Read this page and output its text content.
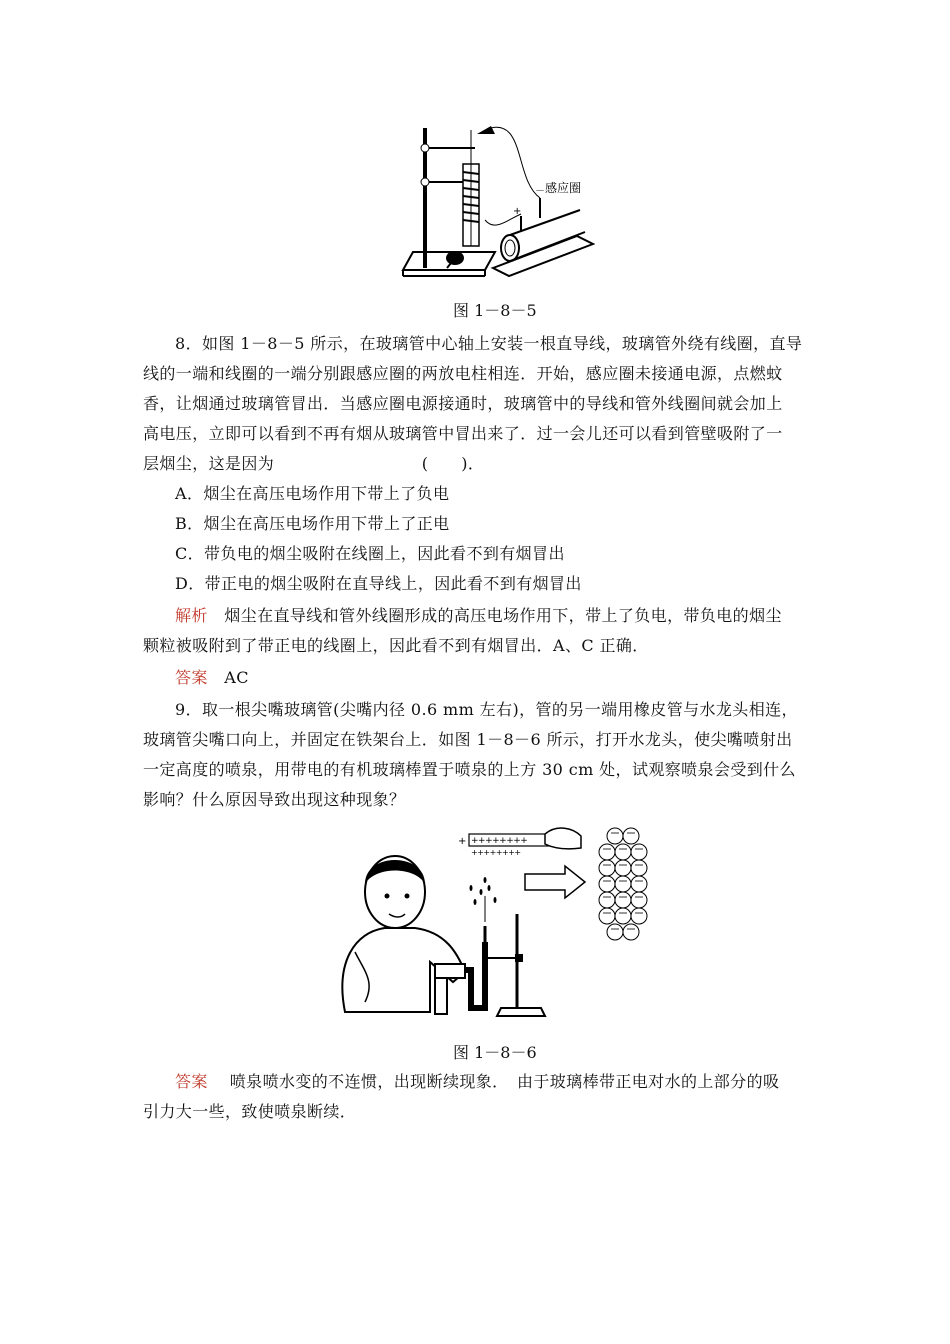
+
－ 感应圈
图 1－8－5
8．如图 1－8－5 所示，在玻璃管中心轴上安装一根直导线，玻璃管外绕有线圈，直导
线的一端和线圈的一端分别跟感应圈的两放电柱相连．开始，感应圈未接通电源，点燃蚊
香，让烟通过玻璃管冒出．当感应圈电源接通时，玻璃管中的导线和管外线圈间就会加上
高电压，立即可以看到不再有烟从玻璃管中冒出来了．过一会儿还可以看到管壁吸附了一
层烟尘，这是因为　　　　　　　　　(　　)．
A．烟尘在高压电场作用下带上了负电
B．烟尘在高压电场作用下带上了正电
C．带负电的烟尘吸附在线圈上，因此看不到有烟冒出
D．带正电的烟尘吸附在直导线上，因此看不到有烟冒出
解析 烟尘在直导线和管外线圈形成的高压电场作用下，带上了负电，带负电的烟尘
颗粒被吸附到了带正电的线圈上，因此看不到有烟冒出．A、C 正确．
答案 AC
9．取一根尖嘴玻璃管(尖嘴内径 0.6 mm 左右)，管的另一端用橡皮管与水龙头相连，
玻璃管尖嘴口向上，并固定在铁架台上．如图 1－8－6 所示，打开水龙头，使尖嘴喷射出
一定高度的喷泉，用带电的有机玻璃棒置于喷泉的上方 30 cm 处，试观察喷泉会受到什么
影响？什么原因导致出现这种现象？
+ ++++++++
++++++++
图 1－8－6
答案 喷泉喷水变的不连惯，出现断续现象．　由于玻璃棒带正电对水的上部分的吸
引力大一些，致使喷泉断续．
